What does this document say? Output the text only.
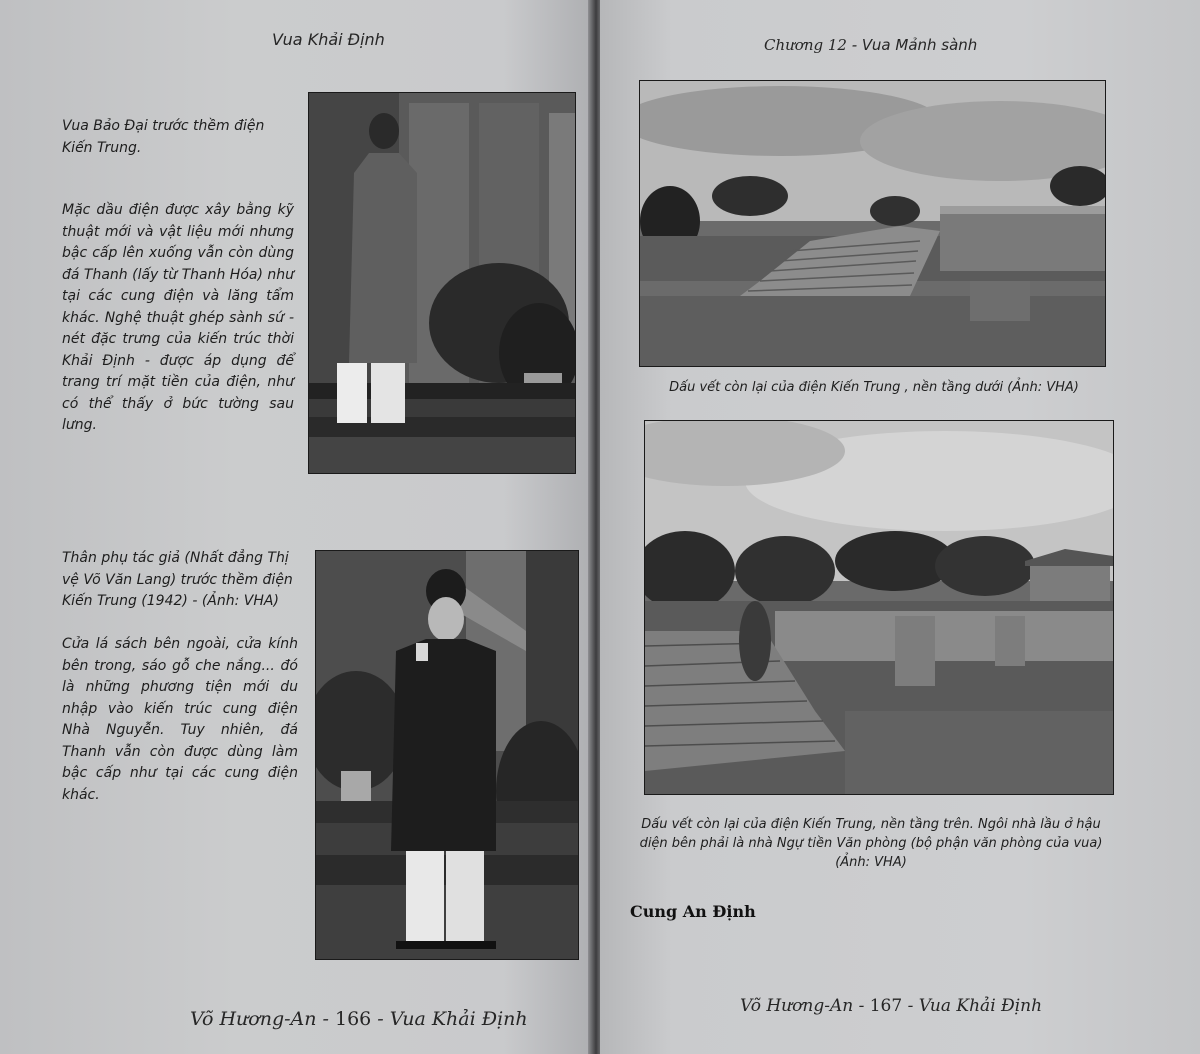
Vua Khải Định
Vua Bảo Đại trước thềm điện Kiến Trung.
Mặc dầu điện được xây bằng kỹ thuật mới và vật liệu mới nhưng bậc cấp lên xuống vẫn còn dùng đá Thanh (lấy từ Thanh Hóa) như tại các cung điện và lăng tẩm khác. Nghệ thuật ghép sành sứ - nét đặc trưng của kiến trúc thời Khải Định - được áp dụng để trang trí mặt tiền của điện, như có thể thấy ở bức tường sau lưng.
Thân phụ tác giả (Nhất đẳng Thị vệ Võ Văn Lang) trước thềm điện Kiến Trung (1942) - (Ảnh: VHA)
Cửa lá sách bên ngoài, cửa kính bên trong, sáo gỗ che nắng... đó là những phương tiện mới du nhập vào kiến trúc cung điện Nhà Nguyễn. Tuy nhiên, đá Thanh vẫn còn được dùng làm bậc cấp như tại các cung điện khác.
Võ Hương-An - 166 - Vua Khải Định
Chương 12 - Vua Mảnh sành
Dấu vết còn lại của điện Kiến Trung , nền tầng dưới (Ảnh: VHA)
Dấu vết còn lại của điện Kiến Trung, nền tầng trên. Ngôi nhà lầu ở hậu diện bên phải là nhà Ngự tiền Văn phòng (bộ phận văn phòng của vua) (Ảnh: VHA)
Cung An Định
Võ Hương-An - 167 - Vua Khải Định
